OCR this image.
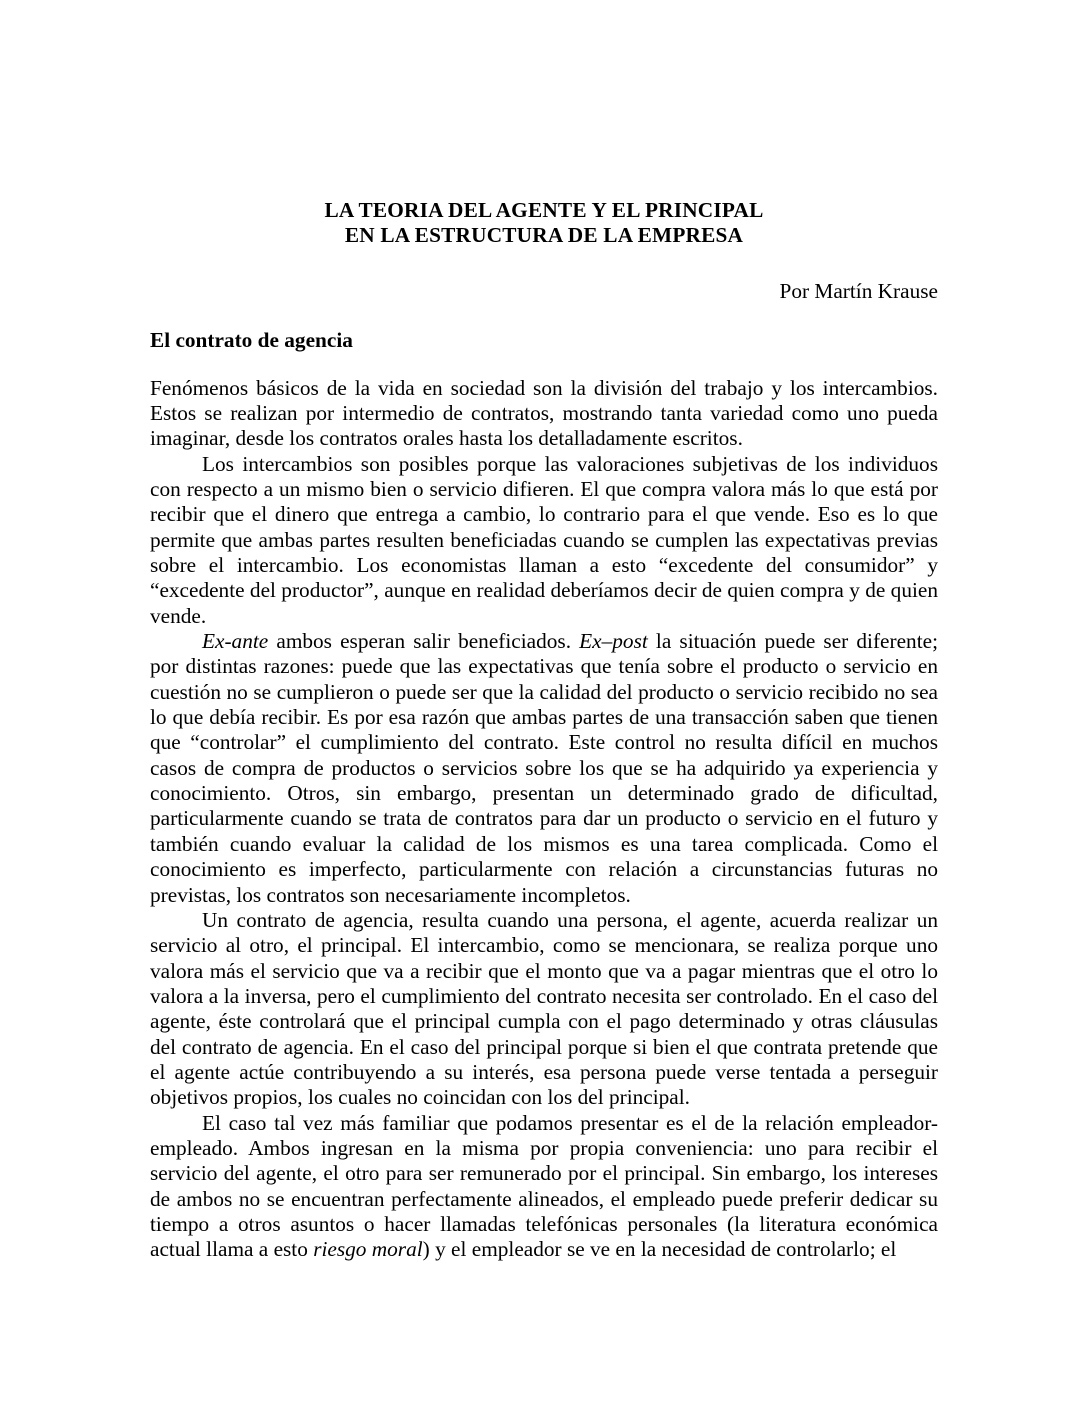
LA TEORIA DEL AGENTE Y EL PRINCIPAL
EN LA ESTRUCTURA DE LA EMPRESA
Por Martín Krause
El contrato de agencia

Fenómenos básicos de la vida en sociedad son la división del trabajo y los intercambios. Estos se realizan por intermedio de contratos, mostrando tanta variedad como uno pueda imaginar, desde los contratos orales hasta los detalladamente escritos.

Los intercambios son posibles porque las valoraciones subjetivas de los individuos con respecto a un mismo bien o servicio difieren. El que compra valora más lo que está por recibir que el dinero que entrega a cambio, lo contrario para el que vende. Eso es lo que permite que ambas partes resulten beneficiadas cuando se cumplen las expectativas previas sobre el intercambio. Los economistas llaman a esto “excedente del consumidor” y “excedente del productor”, aunque en realidad deberíamos decir de quien compra y de quien vende.

Ex-ante ambos esperan salir beneficiados. Ex–post la situación puede ser diferente; por distintas razones: puede que las expectativas que tenía sobre el producto o servicio en cuestión no se cumplieron o puede ser que la calidad del producto o servicio recibido no sea lo que debía recibir. Es por esa razón que ambas partes de una transacción saben que tienen que “controlar” el cumplimiento del contrato. Este control no resulta difícil en muchos casos de compra de productos o servicios sobre los que se ha adquirido ya experiencia y conocimiento. Otros, sin embargo, presentan un determinado grado de dificultad, particularmente cuando se trata de contratos para dar un producto o servicio en el futuro y también cuando evaluar la calidad de los mismos es una tarea complicada. Como el conocimiento es imperfecto, particularmente con relación a circunstancias futuras no previstas, los contratos son necesariamente incompletos.

Un contrato de agencia, resulta cuando una persona, el agente, acuerda realizar un servicio al otro, el principal. El intercambio, como se mencionara, se realiza porque uno valora más el servicio que va a recibir que el monto que va a pagar mientras que el otro lo valora a la inversa, pero el cumplimiento del contrato necesita ser controlado. En el caso del agente, éste controlará que el principal cumpla con el pago determinado y otras cláusulas del contrato de agencia. En el caso del principal porque si bien el que contrata pretende que el agente actúe contribuyendo a su interés, esa persona puede verse tentada a perseguir objetivos propios, los cuales no coincidan con los del principal.

El caso tal vez más familiar que podamos presentar es el de la relación empleador-empleado. Ambos ingresan en la misma por propia conveniencia: uno para recibir el servicio del agente, el otro para ser remunerado por el principal. Sin embargo, los intereses de ambos no se encuentran perfectamente alineados, el empleado puede preferir dedicar su tiempo a otros asuntos o hacer llamadas telefónicas personales (la literatura económica actual llama a esto riesgo moral) y el empleador se ve en la necesidad de controlarlo; el
